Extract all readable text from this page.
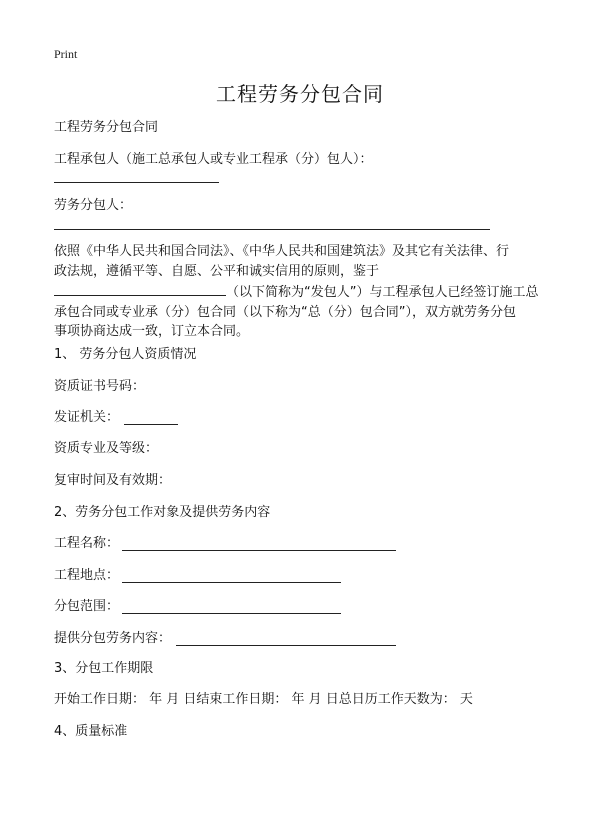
Print
工程劳务分包合同
工程劳务分包合同
工程承包人（施工总承包人或专业工程承（分）包人）：
劳务分包人：
依照《中华人民共和国合同法》、《中华人民共和国建筑法》及其它有关法律、行
政法规，遵循平等、自愿、公平和诚实信用的原则，鉴于
（以下简称为“发包人”）与工程承包人已经签订施工总
承包合同或专业承（分）包合同（以下称为“总（分）包合同”），双方就劳务分包
事项协商达成一致，订立本合同。
1、 劳务分包人资质情况
资质证书号码：
发证机关：
资质专业及等级：
复审时间及有效期：
2、劳务分包工作对象及提供劳务内容
工程名称：
工程地点：
分包范围：
提供分包劳务内容：
3、分包工作期限
开始工作日期： 年 月 日结束工作日期： 年 月 日总日历工作天数为： 天
4、质量标准
